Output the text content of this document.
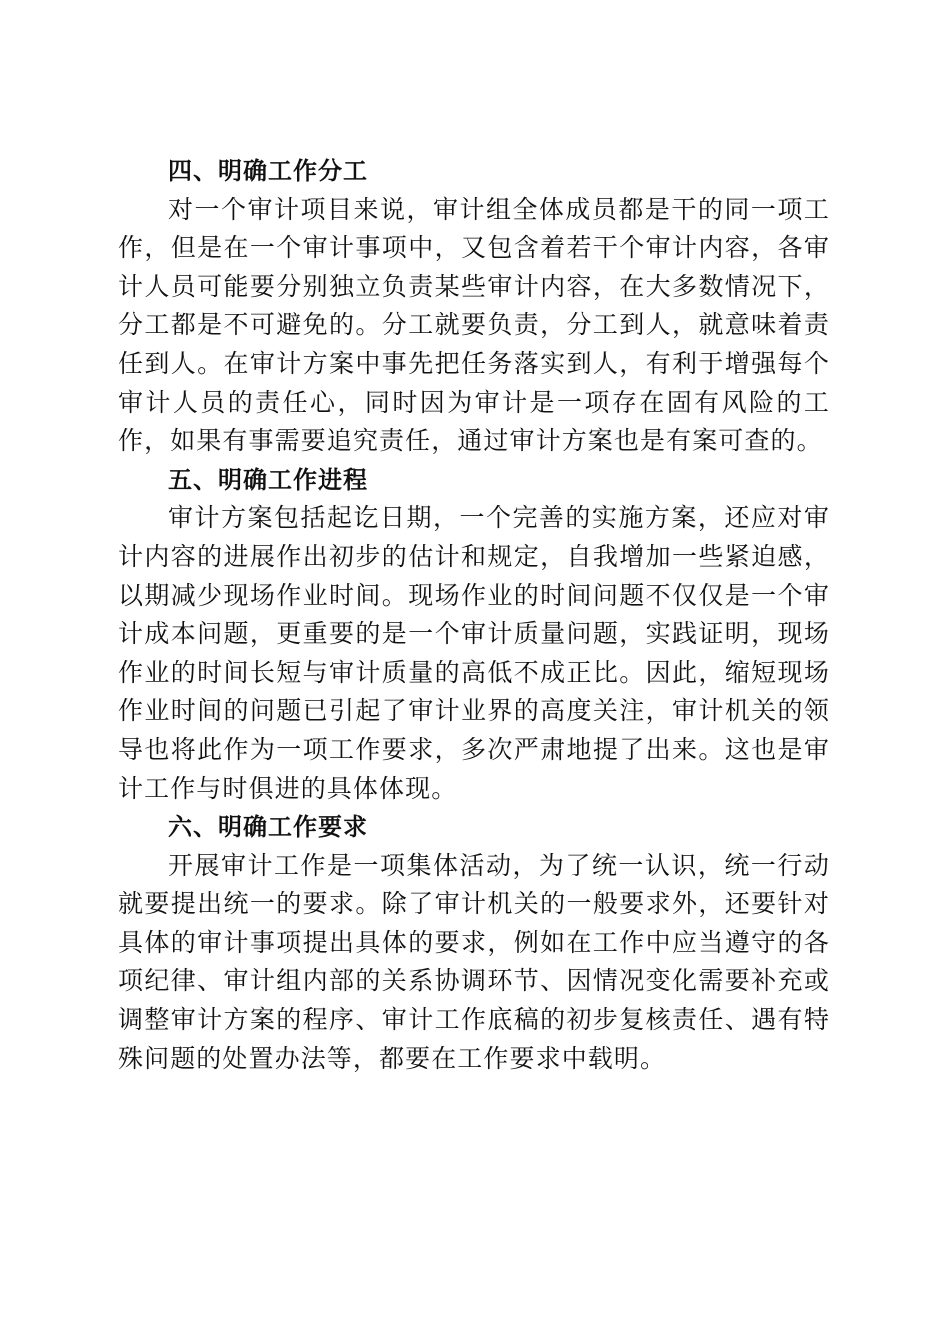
四、明确工作分工

对一个审计项目来说，审计组全体成员都是干的同一项工作，但是在一个审计事项中，又包含着若干个审计内容，各审计人员可能要分别独立负责某些审计内容，在大多数情况下，分工都是不可避免的。分工就要负责，分工到人，就意味着责任到人。在审计方案中事先把任务落实到人，有利于增强每个审计人员的责任心，同时因为审计是一项存在固有风险的工作，如果有事需要追究责任，通过审计方案也是有案可查的。

五、明确工作进程

审计方案包括起讫日期，一个完善的实施方案，还应对审计内容的进展作出初步的估计和规定，自我增加一些紧迫感，以期减少现场作业时间。现场作业的时间问题不仅仅是一个审计成本问题，更重要的是一个审计质量问题，实践证明，现场作业的时间长短与审计质量的高低不成正比。因此，缩短现场作业时间的问题已引起了审计业界的高度关注，审计机关的领导也将此作为一项工作要求，多次严肃地提了出来。这也是审计工作与时俱进的具体体现。

六、明确工作要求

开展审计工作是一项集体活动，为了统一认识，统一行动就要提出统一的要求。除了审计机关的一般要求外，还要针对具体的审计事项提出具体的要求，例如在工作中应当遵守的各项纪律、审计组内部的关系协调环节、因情况变化需要补充或调整审计方案的程序、审计工作底稿的初步复核责任、遇有特殊问题的处置办法等，都要在工作要求中载明。
